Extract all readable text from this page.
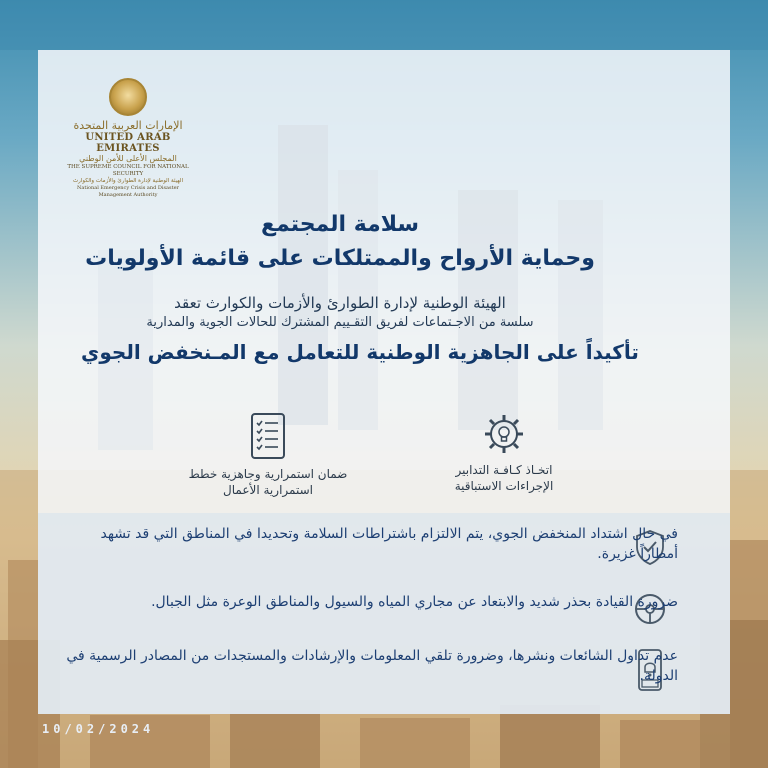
الإمارات العربية المتحدة
UNITED ARAB EMIRATES
المجلس الأعلى للأمن الوطني
THE SUPREME COUNCIL FOR NATIONAL SECURITY
الهيئة الوطنية لإدارة الطوارئ والأزمات والكوارث
National Emergency Crisis and Disaster Management Authority
سلامة المجتمع
وحماية الأرواح والممتلكات على قائمة الأولويات
الهيئة الوطنية لإدارة الطوارئ والأزمات والكوارث تعقد
سلسة من الاجـتماعات لفريق التقـييم المشترك للحالات الجوية والمدارية
تأكيداً على الجاهزية الوطنية للتعامل مع المـنخفض الجوي
اتخـاذ كـافـة التدابير
الإجراءات الاستباقية
ضمان استمرارية وجاهزية خطط
استمرارية الأعمال
في حال اشتداد المنخفض الجوي، يتم الالتزام باشتراطات السلامة وتحديدا في المناطق التي قد تشهد أمطاراً غزيرة.
ضرورة القيادة بحذر شديد والابتعاد عن مجاري المياه والسيول والمناطق الوعرة مثل الجبال.
عدم تداول الشائعات ونشرها، وضرورة تلقي المعلومات والإرشادات والمستجدات من المصادر الرسمية في الدولة.
10/02/2024
